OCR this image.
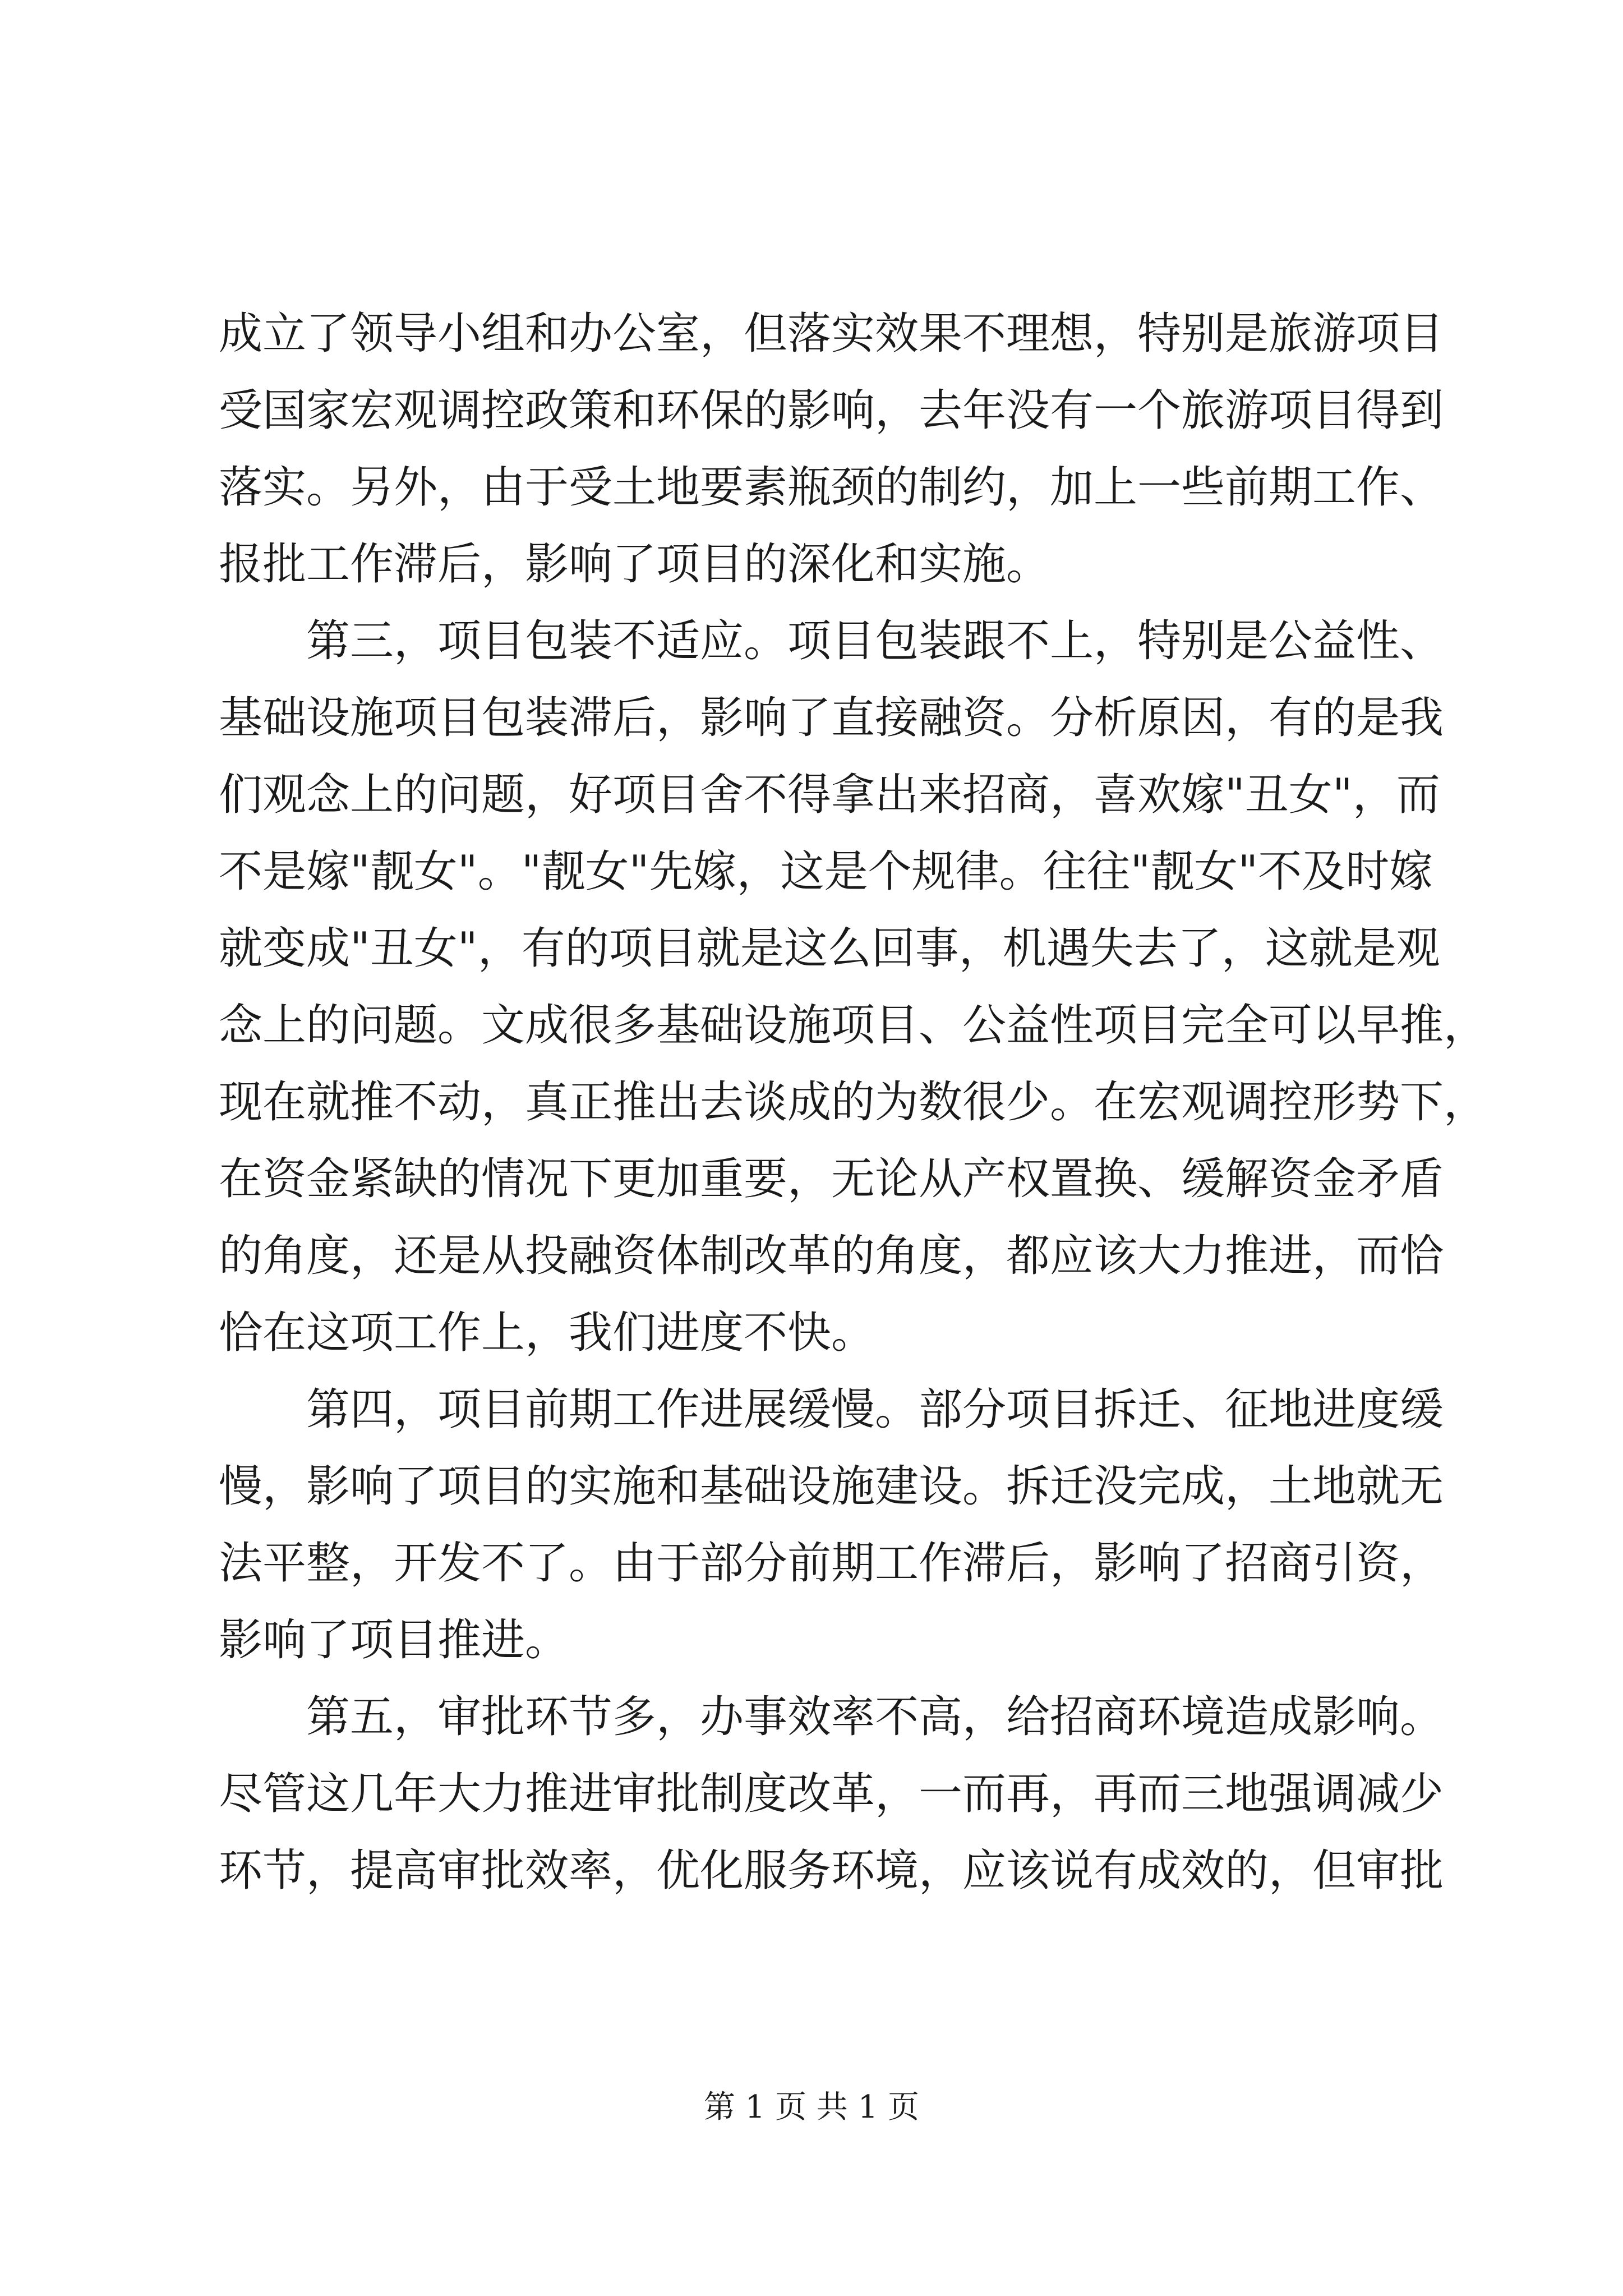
成立了领导小组和办公室，但落实效果不理想，特别是旅游项目
受国家宏观调控政策和环保的影响，去年没有一个旅游项目得到
落实。另外，由于受土地要素瓶颈的制约，加上一些前期工作、
报批工作滞后，影响了项目的深化和实施。
第三，项目包装不适应。项目包装跟不上，特别是公益性、
基础设施项目包装滞后，影响了直接融资。分析原因，有的是我
们观念上的问题，好项目舍不得拿出来招商，喜欢嫁"丑女"，而
不是嫁"靓女"。"靓女"先嫁，这是个规律。往往"靓女"不及时嫁
就变成"丑女"，有的项目就是这么回事，机遇失去了，这就是观
念上的问题。文成很多基础设施项目、公益性项目完全可以早推，
现在就推不动，真正推出去谈成的为数很少。在宏观调控形势下，
在资金紧缺的情况下更加重要，无论从产权置换、缓解资金矛盾
的角度，还是从投融资体制改革的角度，都应该大力推进，而恰
恰在这项工作上，我们进度不快。
第四，项目前期工作进展缓慢。部分项目拆迁、征地进度缓
慢，影响了项目的实施和基础设施建设。拆迁没完成，土地就无
法平整，开发不了。由于部分前期工作滞后，影响了招商引资，
影响了项目推进。
第五，审批环节多，办事效率不高，给招商环境造成影响。
尽管这几年大力推进审批制度改革，一而再，再而三地强调减少
环节，提高审批效率，优化服务环境，应该说有成效的，但审批
第 1 页 共 1 页
